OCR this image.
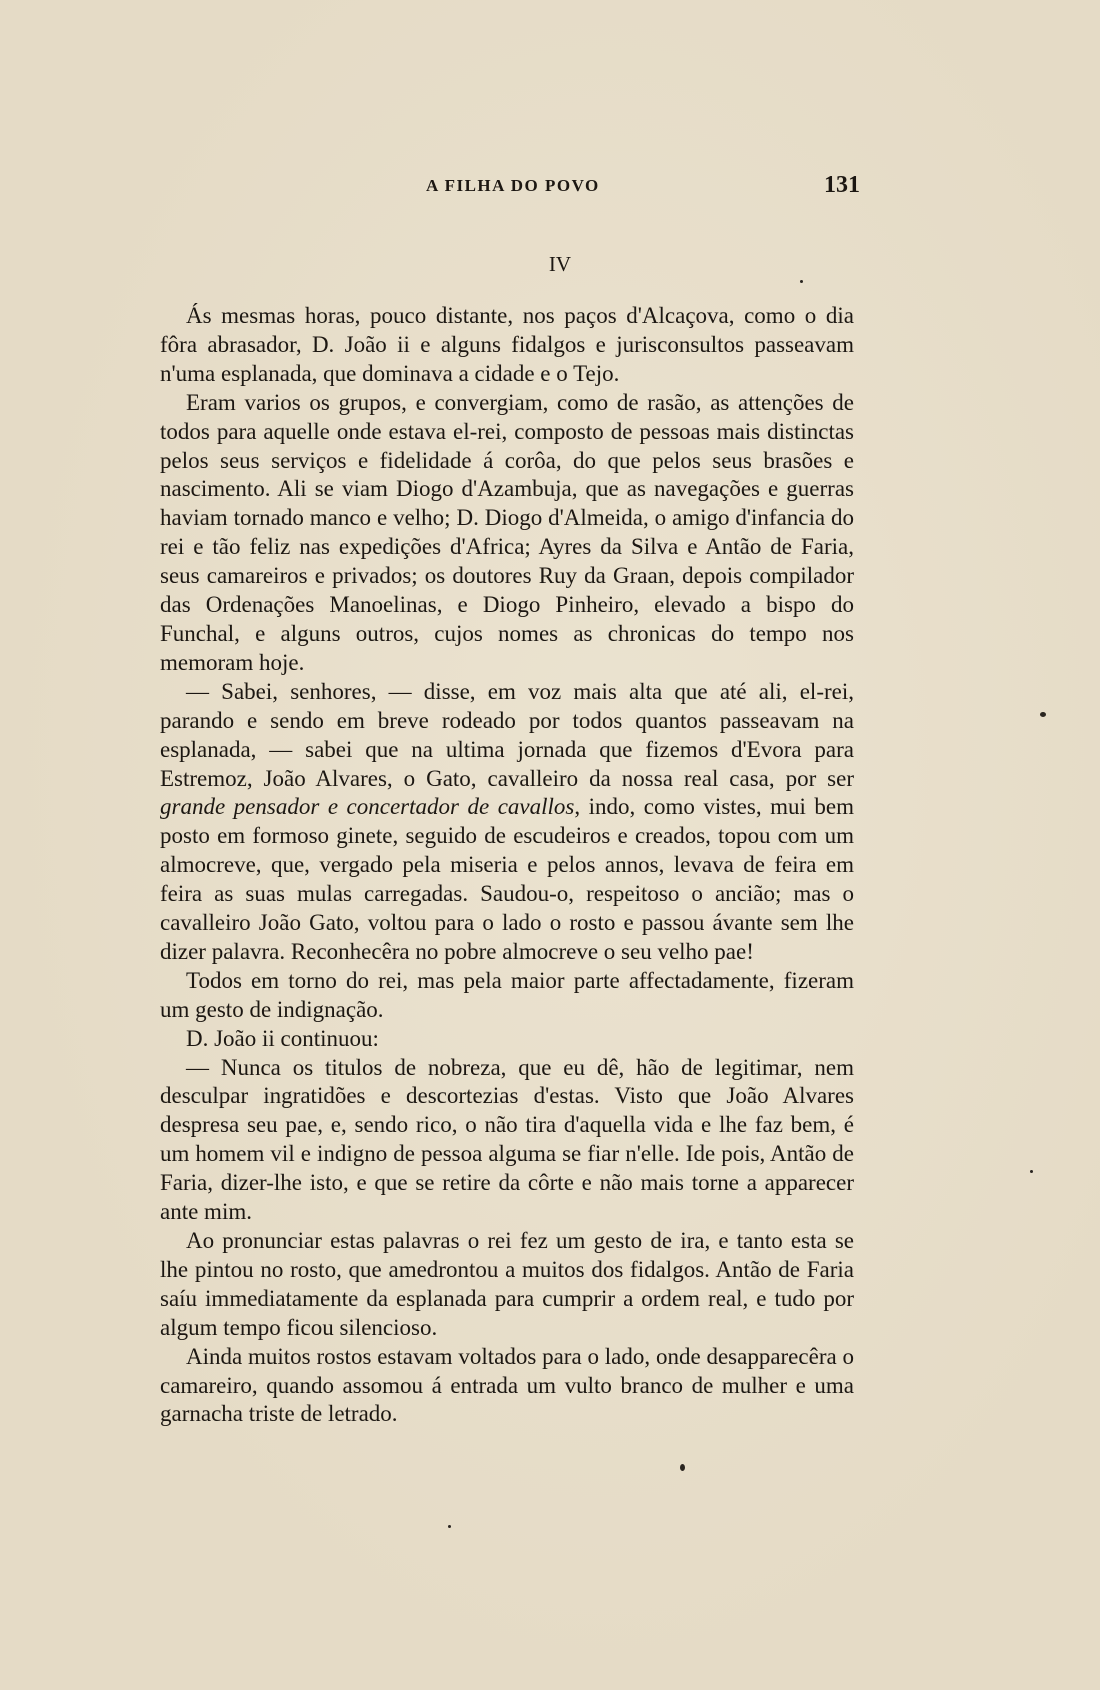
A FILHA DO POVO	131
IV

Ás mesmas horas, pouco distante, nos paços d'Alcaçova, como o dia fôra abrasador, D. João ii e alguns fidalgos e jurisconsultos passeavam n'uma esplanada, que dominava a cidade e o Tejo.

Eram varios os grupos, e convergiam, como de rasão, as attenções de todos para aquelle onde estava el-rei, composto de pessoas mais distinctas pelos seus serviços e fidelidade á corôa, do que pelos seus brasões e nascimento. Ali se viam Diogo d'Azambuja, que as navegações e guerras haviam tornado manco e velho; D. Diogo d'Almeida, o amigo d'infancia do rei e tão feliz nas expedições d'Africa; Ayres da Silva e Antão de Faria, seus camareiros e privados; os doutores Ruy da Graan, depois compilador das Ordenações Manoelinas, e Diogo Pinheiro, elevado a bispo do Funchal, e alguns outros, cujos nomes as chronicas do tempo nos memoram hoje.

— Sabei, senhores, — disse, em voz mais alta que até ali, el-rei, parando e sendo em breve rodeado por todos quantos passeavam na esplanada, — sabei que na ultima jornada que fizemos d'Evora para Estremoz, João Alvares, o Gato, cavalleiro da nossa real casa, por ser grande pensador e concertador de cavallos, indo, como vistes, mui bem posto em formoso ginete, seguido de escudeiros e creados, topou com um almocreve, que, vergado pela miseria e pelos annos, levava de feira em feira as suas mulas carregadas. Saudou-o, respeitoso o ancião; mas o cavalleiro João Gato, voltou para o lado o rosto e passou ávante sem lhe dizer palavra. Reconhecêra no pobre almocreve o seu velho pae!

Todos em torno do rei, mas pela maior parte affectadamente, fizeram um gesto de indignação.

D. João ii continuou:

— Nunca os titulos de nobreza, que eu dê, hão de legitimar, nem desculpar ingratidões e descortezias d'estas. Visto que João Alvares despresa seu pae, e, sendo rico, o não tira d'aquella vida e lhe faz bem, é um homem vil e indigno de pessoa alguma se fiar n'elle. Ide pois, Antão de Faria, dizer-lhe isto, e que se retire da côrte e não mais torne a apparecer ante mim.

Ao pronunciar estas palavras o rei fez um gesto de ira, e tanto esta se lhe pintou no rosto, que amedrontou a muitos dos fidalgos. Antão de Faria saíu immediatamente da esplanada para cumprir a ordem real, e tudo por algum tempo ficou silencioso.

Ainda muitos rostos estavam voltados para o lado, onde desapparecêra o camareiro, quando assomou á entrada um vulto branco de mulher e uma garnacha triste de letrado.
